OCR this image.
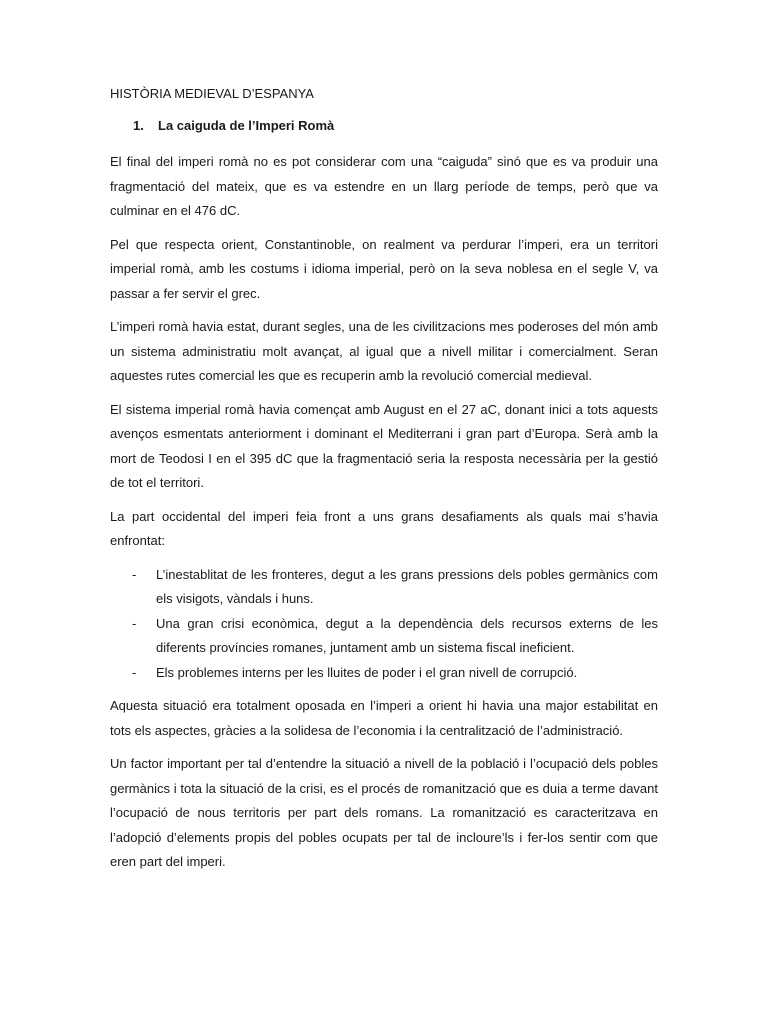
HISTÒRIA MEDIEVAL D’ESPANYA
1.	La caiguda de l’Imperi Romà

El final del imperi romà no es pot considerar com una “caiguda” sinó que es va produir una fragmentació del mateix, que es va estendre en un llarg període de temps, però que va culminar en el 476 dC.

Pel que respecta orient, Constantinoble, on realment va perdurar l’imperi, era un territori imperial romà, amb les costums i idioma imperial, però on la seva noblesa en el segle V, va passar a fer servir el grec.

L’imperi romà havia estat, durant segles, una de les civilitzacions mes poderoses del món amb un sistema administratiu molt avançat, al igual que a nivell militar i comercialment. Seran aquestes rutes comercial les que es recuperin amb la revolució comercial medieval.

El sistema imperial romà havia començat amb August en el 27 aC, donant inici a tots aquests avenços esmentats anteriorment i dominant el Mediterrani i gran part d’Europa. Serà amb la mort de Teodosi I en el 395 dC que la fragmentació seria la resposta necessària per la gestió de tot el territori.

La part occidental del imperi feia front a uns grans desafiaments als quals mai s’havia enfrontat:

-	L’inestablitat de les fronteres, degut a les grans pressions dels pobles germànics com els visigots, vàndals i huns.
-	Una gran crisi econòmica, degut a la dependència dels recursos externs de les diferents províncies romanes, juntament amb un sistema fiscal ineficient.
-	Els problemes interns per les lluites de poder i el gran nivell de corrupció.

Aquesta situació era totalment oposada en l’imperi a orient hi havia una major estabilitat en tots els aspectes, gràcies a la solidesa de l’economia i la centralització de l’administració.

Un factor important per tal d’entendre la situació a nivell de la població i l’ocupació dels pobles germànics i tota la situació de la crisi, es el procés de romanització que es duia a terme davant l’ocupació de nous territoris per part dels romans. La romanització es caracteritzava en l’adopció d’elements propis del pobles ocupats per tal de incloure’ls i fer-los sentir com que eren part del imperi.
